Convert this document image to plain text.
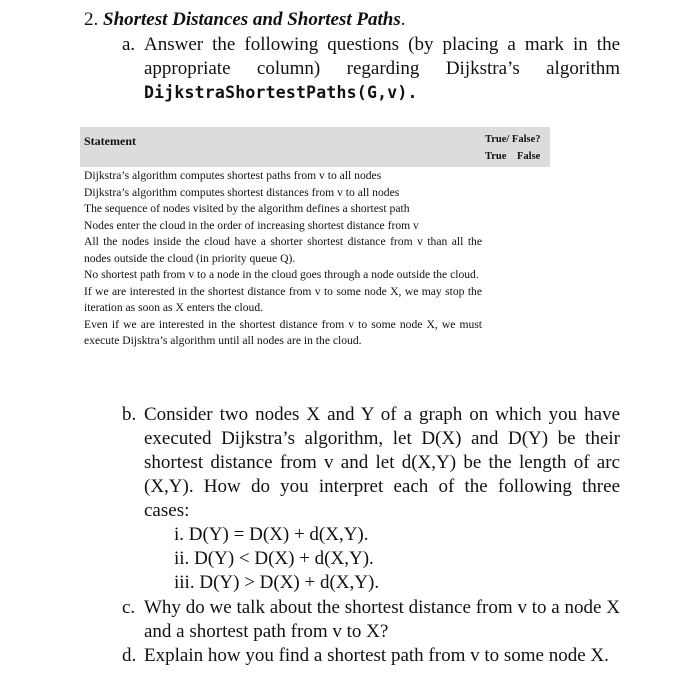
2. Shortest Distances and Shortest Paths.
a. Answer the following questions (by placing a mark in the appropriate column) regarding Dijkstra’s algorithm DijkstraShortestPaths(G,v).
Statement	True/ False?
True False
Dijkstra’s algorithm computes shortest paths from v to all nodes
Dijkstra’s algorithm computes shortest distances from v to all nodes
The sequence of nodes visited by the algorithm defines a shortest path
Nodes enter the cloud in the order of increasing shortest distance from v
All the nodes inside the cloud have a shorter shortest distance from v than all the nodes outside the cloud (in priority queue Q).
No shortest path from v to a node in the cloud goes through a node outside the cloud.
If we are interested in the shortest distance from v to some node X, we may stop the iteration as soon as X enters the cloud.
Even if we are interested in the shortest distance from v to some node X, we must execute Dijsktra’s algorithm until all nodes are in the cloud.
b. Consider two nodes X and Y of a graph on which you have executed Dijkstra’s algorithm, let D(X) and D(Y) be their shortest distance from v and let d(X,Y) be the length of arc (X,Y). How do you interpret each of the following three cases:
i. D(Y) = D(X) + d(X,Y).
ii. D(Y) < D(X) + d(X,Y).
iii. D(Y) > D(X) + d(X,Y).
c. Why do we talk about the shortest distance from v to a node X and a shortest path from v to X?
d. Explain how you find a shortest path from v to some node X.
